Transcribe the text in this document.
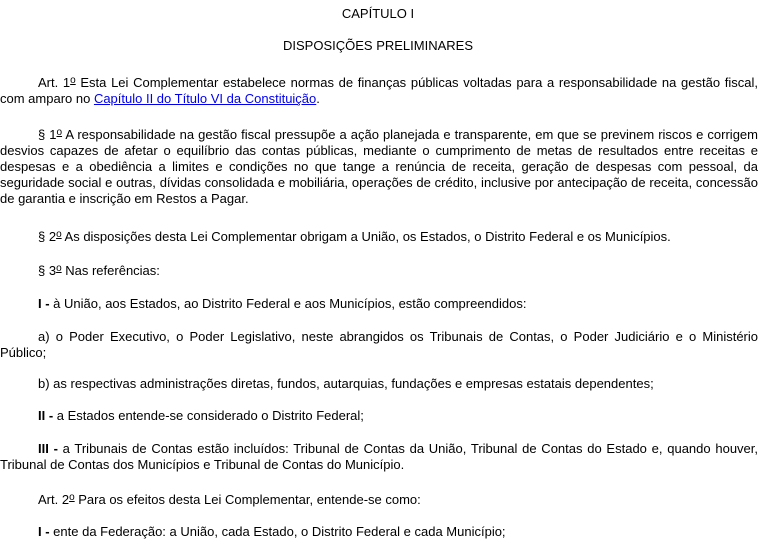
CAPÍTULO I
DISPOSIÇÕES PRELIMINARES

Art. 1$^o$ Esta Lei Complementar estabelece normas de finanças públicas voltadas para a responsabilidade na gestão fiscal, com amparo no Capítulo II do Título VI da Constituição.

§ 1$^o$ A responsabilidade na gestão fiscal pressupõe a ação planejada e transparente, em que se previnem riscos e corrigem desvios capazes de afetar o equilíbrio das contas públicas, mediante o cumprimento de metas de resultados entre receitas e despesas e a obediência a limites e condições no que tange a renúncia de receita, geração de despesas com pessoal, da seguridade social e outras, dívidas consolidada e mobiliária, operações de crédito, inclusive por antecipação de receita, concessão de garantia e inscrição em Restos a Pagar.

§ 2$^o$ As disposições desta Lei Complementar obrigam a União, os Estados, o Distrito Federal e os Municípios.

§ 3$^o$ Nas referências:

I - à União, aos Estados, ao Distrito Federal e aos Municípios, estão compreendidos:

a) o Poder Executivo, o Poder Legislativo, neste abrangidos os Tribunais de Contas, o Poder Judiciário e o Ministério Público;

b) as respectivas administrações diretas, fundos, autarquias, fundações e empresas estatais dependentes;

II - a Estados entende-se considerado o Distrito Federal;

III - a Tribunais de Contas estão incluídos: Tribunal de Contas da União, Tribunal de Contas do Estado e, quando houver, Tribunal de Contas dos Municípios e Tribunal de Contas do Município.

Art. 2$^o$ Para os efeitos desta Lei Complementar, entende-se como:

I - ente da Federação: a União, cada Estado, o Distrito Federal e cada Município;
